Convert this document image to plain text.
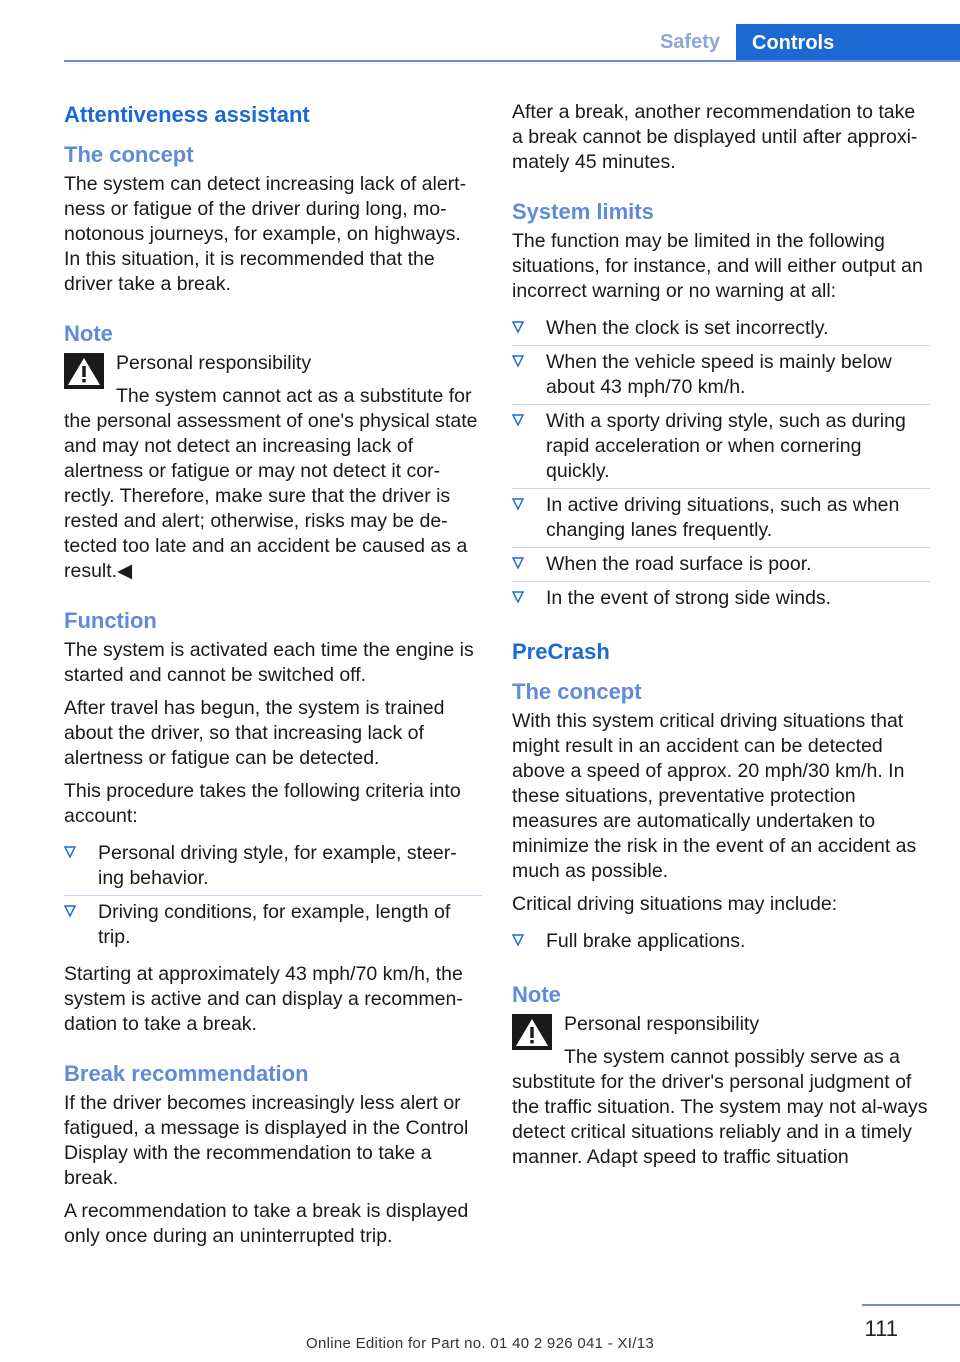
Safety	Controls
Attentiveness assistant
The concept

The system can detect increasing lack of alert-ness or fatigue of the driver during long, mo-notonous journeys, for example, on highways. In this situation, it is recommended that the driver take a break.

Note

Personal responsibility

The system cannot act as a substitute for

the personal assessment of one's physical state and may not detect an increasing lack of alertness or fatigue or may not detect it cor-rectly. Therefore, make sure that the driver is rested and alert; otherwise, risks may be de-tected too late and an accident be caused as a result.◀

Function

The system is activated each time the engine is started and cannot be switched off.

After travel has begun, the system is trained about the driver, so that increasing lack of alertness or fatigue can be detected.

This procedure takes the following criteria into account:

Personal driving style, for example, steer-ing behavior.
Driving conditions, for example, length of trip.

Starting at approximately 43 mph/70 km/h, the system is active and can display a recommen-dation to take a break.

Break recommendation

If the driver becomes increasingly less alert or fatigued, a message is displayed in the Control Display with the recommendation to take a break.

A recommendation to take a break is displayed only once during an uninterrupted trip.

After a break, another recommendation to take a break cannot be displayed until after approxi-mately 45 minutes.

System limits

The function may be limited in the following situations, for instance, and will either output an incorrect warning or no warning at all:

When the clock is set incorrectly.
When the vehicle speed is mainly below about 43 mph/70 km/h.
With a sporty driving style, such as during rapid acceleration or when cornering quickly.
In active driving situations, such as when changing lanes frequently.
When the road surface is poor.
In the event of strong side winds.
PreCrash
The concept

With this system critical driving situations that might result in an accident can be detected above a speed of approx. 20 mph/30 km/h. In these situations, preventative protection measures are automatically undertaken to minimize the risk in the event of an accident as much as possible.

Critical driving situations may include:

Full brake applications.
Note

Personal responsibility

The system cannot possibly serve as a

substitute for the driver's personal judgment of the traffic situation. The system may not al-ways detect critical situations reliably and in a timely manner. Adapt speed to traffic situation

111
Online Edition for Part no. 01 40 2 926 041 - XI/13
